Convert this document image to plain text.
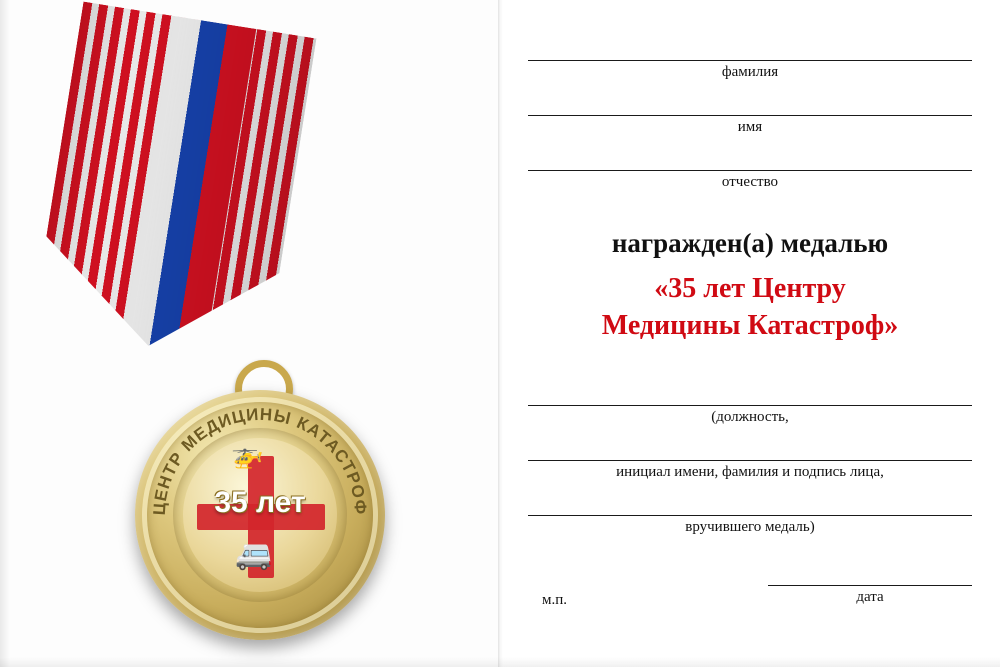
ЦЕНТР МЕДИЦИНЫ КАТАСТРОФ
🚁
🚐
35 лет
фамилия
имя
отчество
награжден(а) медалью
«35 лет Центру
Медицины Катастроф»
(должность,
инициал имени, фамилия и подпись лица,
вручившего медаль)
м.п.	дата
